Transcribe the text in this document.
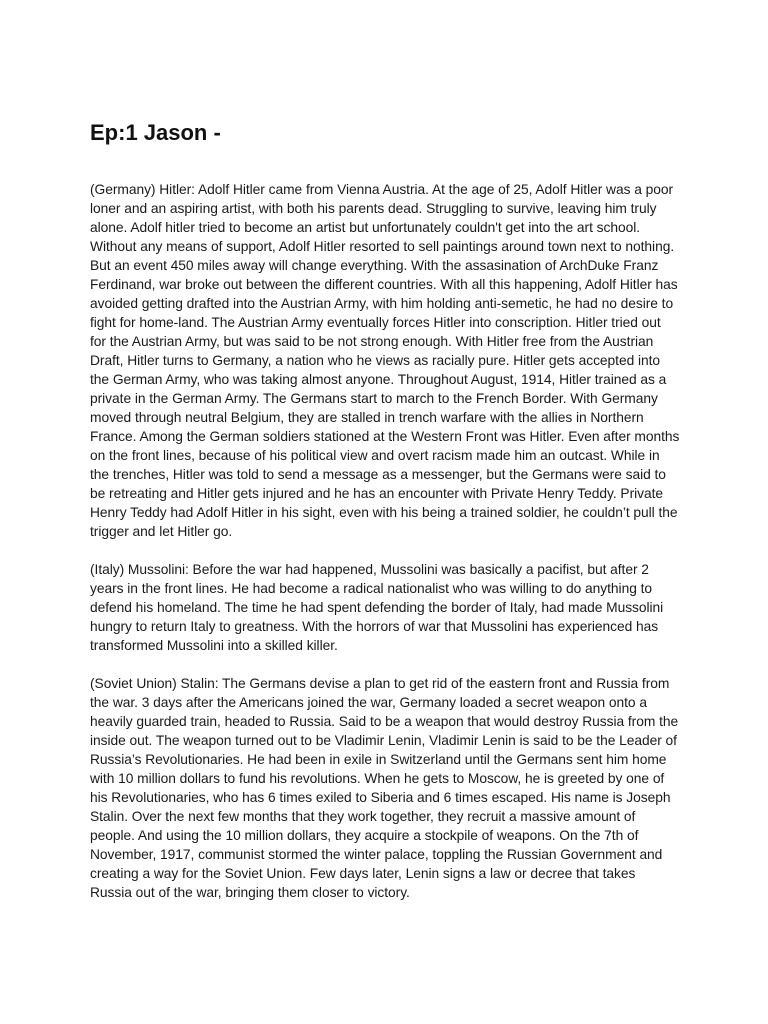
Ep:1 Jason -

(Germany) Hitler: Adolf Hitler came from Vienna Austria. At the age of 25, Adolf Hitler was a poor loner and an aspiring artist, with both his parents dead. Struggling to survive, leaving him truly alone. Adolf hitler tried to become an artist but unfortunately couldn't get into the art school. Without any means of support, Adolf Hitler resorted to sell paintings around town next to nothing. But an event 450 miles away will change everything. With the assasination of ArchDuke Franz Ferdinand, war broke out between the different countries. With all this happening, Adolf Hitler has avoided getting drafted into the Austrian Army, with him holding anti-semetic, he had no desire to fight for home-land. The Austrian Army eventually forces Hitler into conscription. Hitler tried out for the Austrian Army, but was said to be not strong enough. With Hitler free from the Austrian Draft, Hitler turns to Germany, a nation who he views as racially pure. Hitler gets accepted into the German Army, who was taking almost anyone. Throughout August, 1914, Hitler trained as a private in the German Army. The Germans start to march to the French Border. With Germany moved through neutral Belgium, they are stalled in trench warfare with the allies in Northern France. Among the German soldiers stationed at the Western Front was Hitler. Even after months on the front lines, because of his political view and overt racism made him an outcast. While in the trenches, Hitler was told to send a message as a messenger, but the Germans were said to be retreating and Hitler gets injured and he has an encounter with Private Henry Teddy. Private Henry Teddy had Adolf Hitler in his sight, even with his being a trained soldier, he couldn’t pull the trigger and let Hitler go.

(Italy) Mussolini: Before the war had happened, Mussolini was basically a pacifist, but after 2 years in the front lines. He had become a radical nationalist who was willing to do anything to defend his homeland. The time he had spent defending the border of Italy, had made Mussolini hungry to return Italy to greatness. With the horrors of war that Mussolini has experienced has transformed Mussolini into a skilled killer.

(Soviet Union) Stalin: The Germans devise a plan to get rid of the eastern front and Russia from the war. 3 days after the Americans joined the war, Germany loaded a secret weapon onto a heavily guarded train, headed to Russia. Said to be a weapon that would destroy Russia from the inside out. The weapon turned out to be Vladimir Lenin, Vladimir Lenin is said to be the Leader of Russia’s Revolutionaries. He had been in exile in Switzerland until the Germans sent him home with 10 million dollars to fund his revolutions. When he gets to Moscow, he is greeted by one of his Revolutionaries, who has 6 times exiled to Siberia and 6 times escaped. His name is Joseph Stalin. Over the next few months that they work together, they recruit a massive amount of people. And using the 10 million dollars, they acquire a stockpile of weapons. On the 7th of November, 1917, communist stormed the winter palace, toppling the Russian Government and creating a way for the Soviet Union. Few days later, Lenin signs a law or decree that takes Russia out of the war, bringing them closer to victory.
